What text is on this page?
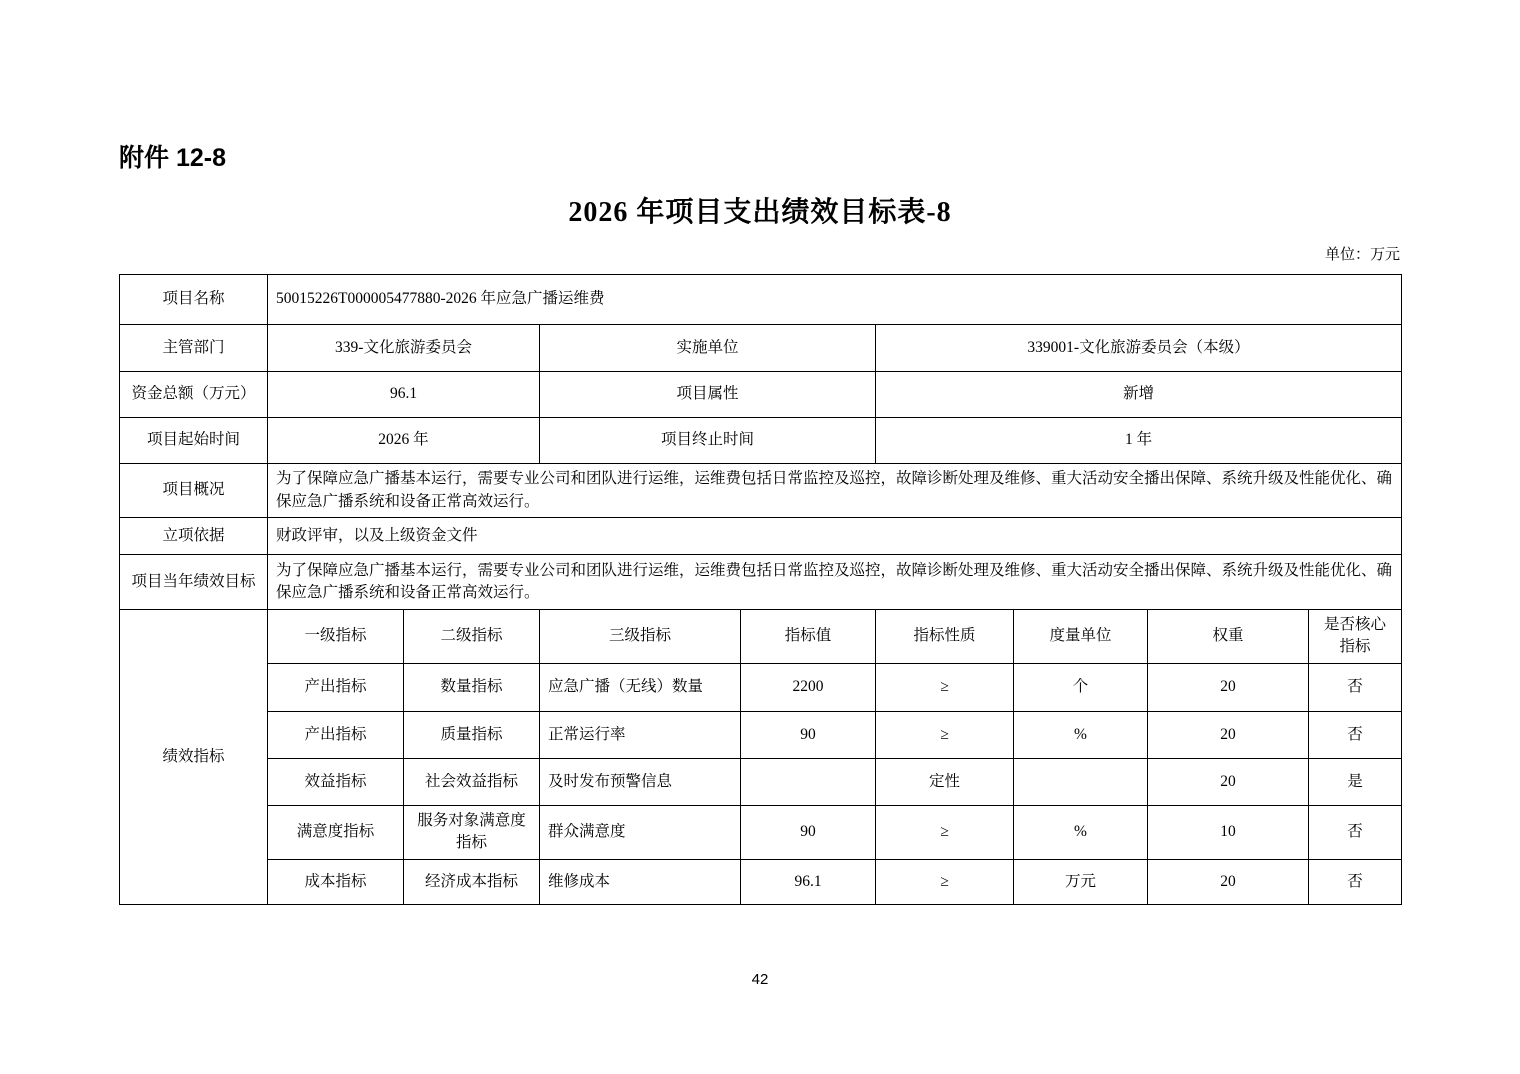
附件 12-8
2026 年项目支出绩效目标表-8
单位：万元
项目名称	50015226T000005477880-2026 年应急广播运维费							
主管部门	339-文化旅游委员会		实施单位		339001-文化旅游委员会（本级）			
资金总额（万元）	96.1		项目属性		新增			
项目起始时间	2026 年		项目终止时间		1 年			
项目概况	为了保障应急广播基本运行，需要专业公司和团队进行运维，运维费包括日常监控及巡控，故障诊断处理及维修、重大活动安全播出保障、系统升级及性能优化、确保应急广播系统和设备正常高效运行。							
立项依据	财政评审，以及上级资金文件							
项目当年绩效目标	为了保障应急广播基本运行，需要专业公司和团队进行运维，运维费包括日常监控及巡控，故障诊断处理及维修、重大活动安全播出保障、系统升级及性能优化、确保应急广播系统和设备正常高效运行。							
绩效指标	一级指标	二级指标	三级指标	指标值	指标性质	度量单位	权重	是否核心指标
	产出指标	数量指标	应急广播（无线）数量	2200	≥	个	20	否
	产出指标	质量指标	正常运行率	90	≥	%	20	否
	效益指标	社会效益指标	及时发布预警信息		定性		20	是
	满意度指标	服务对象满意度指标	群众满意度	90	≥	%	10	否
	成本指标	经济成本指标	维修成本	96.1	≥	万元	20	否
42
